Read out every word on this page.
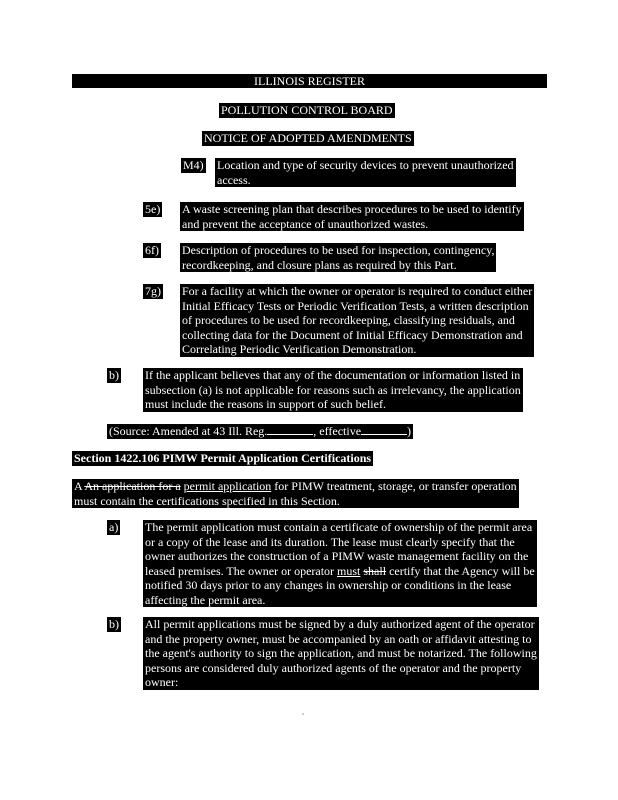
ILLINOIS REGISTER
POLLUTION CONTROL BOARD
NOTICE OF ADOPTED AMENDMENTS
M4) Location and type of security devices to prevent unauthorized
access.
5e) A waste screening plan that describes procedures to be used to identify
and prevent the acceptance of unauthorized wastes.
6f) Description of procedures to be used for inspection, contingency,
recordkeeping, and closure plans as required by this Part.
7g) For a facility at which the owner or operator is required to conduct either
Initial Efficacy Tests or Periodic Verification Tests, a written description
of procedures to be used for recordkeeping, classifying residuals, and
collecting data for the Document of Initial Efficacy Demonstration and
Correlating Periodic Verification Demonstration.
b) If the applicant believes that any of the documentation or information listed in
subsection (a) is not applicable for reasons such as irrelevancy, the application
must include the reasons in support of such belief.
(Source: Amended at 43 Ill. Reg.	, effective	)
Section 1422.106 PIMW Permit Application Certifications
A An application for a permit application for PIMW treatment, storage, or transfer operation
must contain the certifications specified in this Section.
a) The permit application must contain a certificate of ownership of the permit area
or a copy of the lease and its duration. The lease must clearly specify that the
owner authorizes the construction of a PIMW waste management facility on the
leased premises. The owner or operator must shall certify that the Agency will be
notified 30 days prior to any changes in ownership or conditions in the lease
affecting the permit area.
b) All permit applications must be signed by a duly authorized agent of the operator
and the property owner, must be accompanied by an oath or affidavit attesting to
the agent's authority to sign the application, and must be notarized. The following
persons are considered duly authorized agents of the operator and the property
owner:
